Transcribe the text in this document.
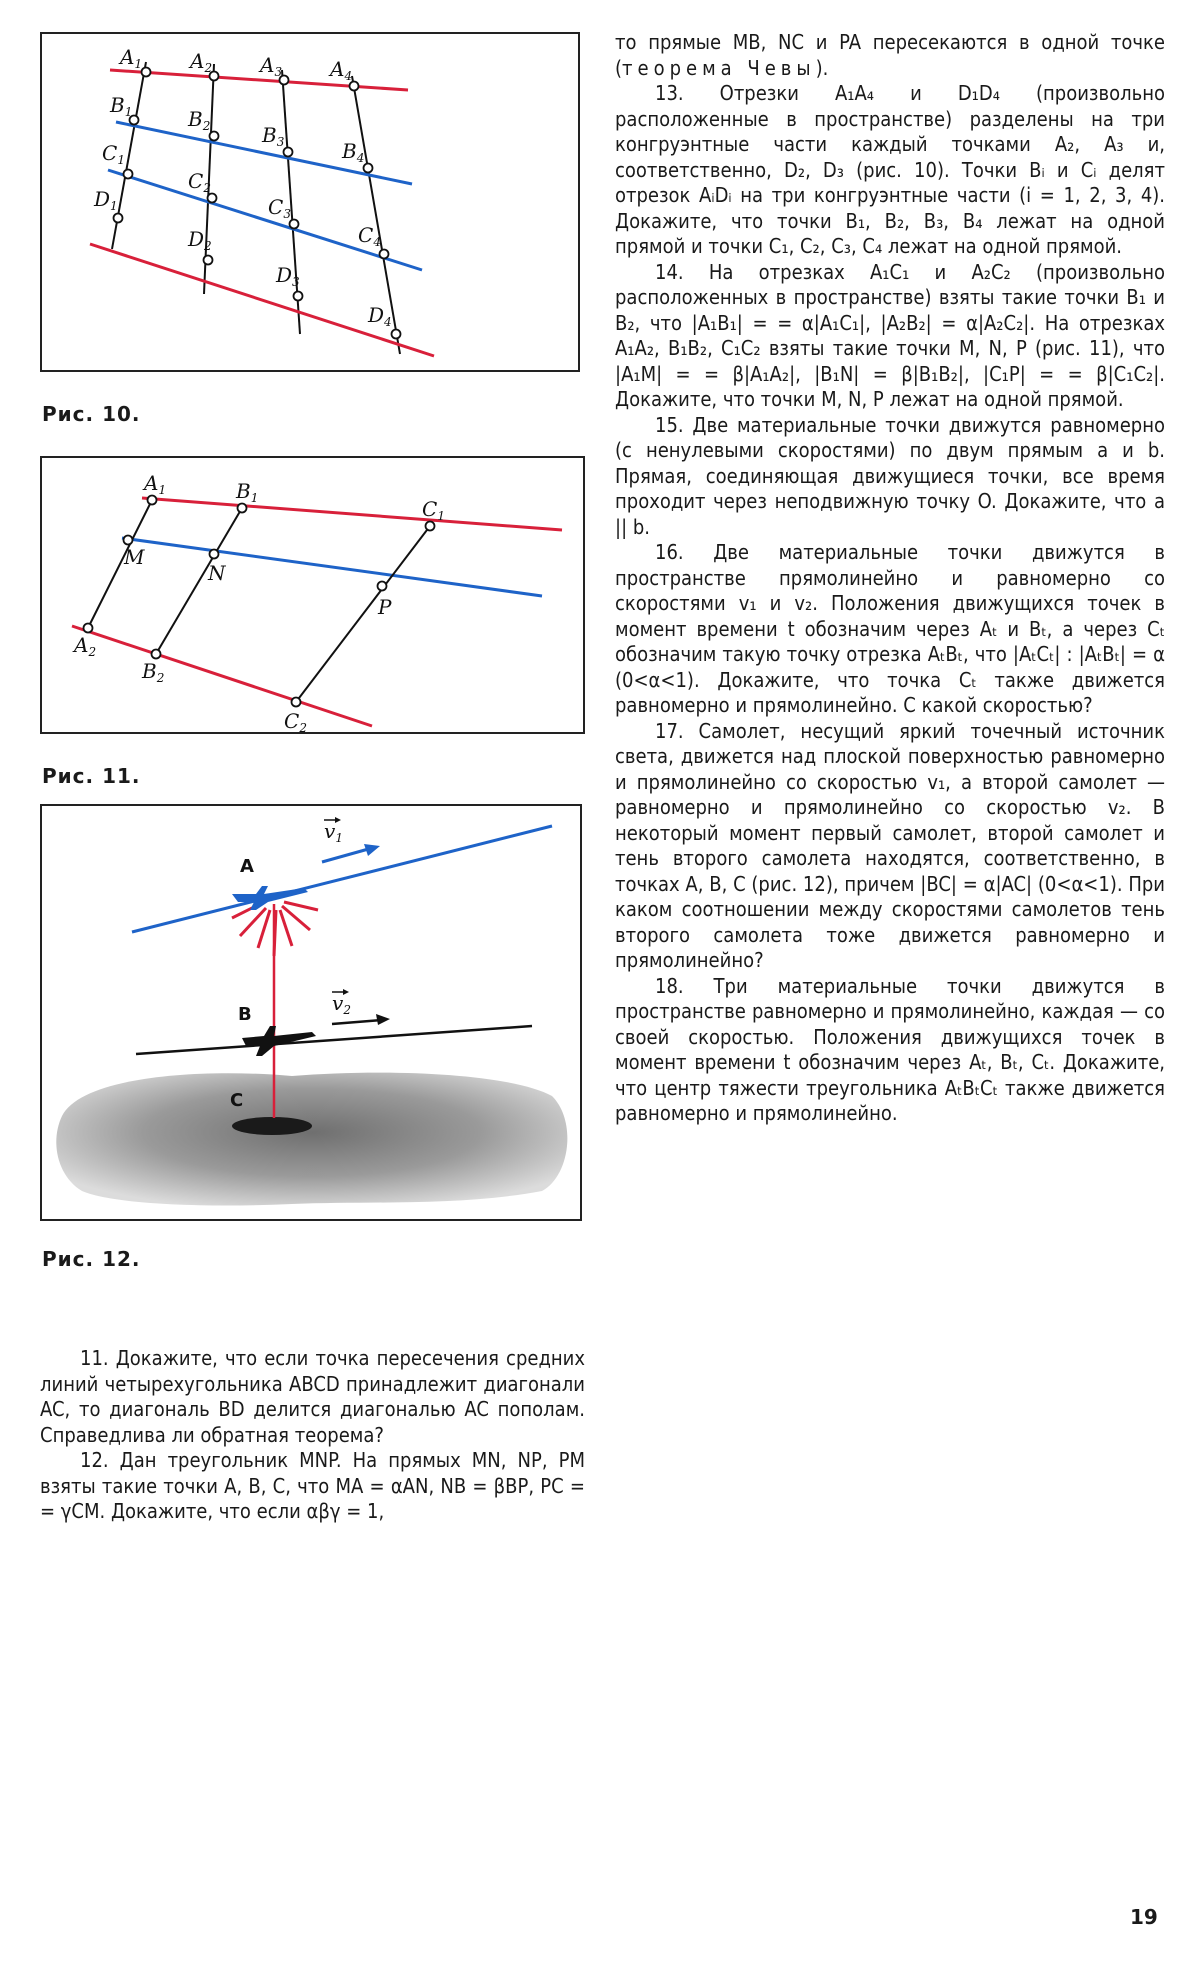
$A_1$ $A_2$ $A_3$ $A_4$
$B_1$	$B_2$	$B_3$	$B_4$
$C_1$
$C_2$
$C_3$
$C_4$
$D_1$
$D_2$
$D_3$
$D_4$
Рис. 10.
$A_1$	$B_1$	$C_1$
M
N
P
$A_2$
$B_2$
$C_2$
Рис. 11.
A
B
C
$v_1$
$v_2$
Рис. 12.

11. Докажите, что если точка пересечения средних линий четырехугольника ABCD принадлежит диагонали AC, то диагональ BD делится диагональю AC пополам. Справедлива ли обратная теорема?

12. Дан треугольник MNP. На прямых MN, NP, PM взяты такие точки A, B, C, что MA = αAN, NB = βBP, PC = = γCM. Докажите, что если αβγ = 1,

то прямые MB, NC и PA пересекаются в одной точке (теорема Чевы).

13. Отрезки A₁A₄ и D₁D₄ (произвольно расположенные в пространстве) разделены на три конгруэнтные части каждый точками A₂, A₃ и, соответственно, D₂, D₃ (рис. 10). Точки Bᵢ и Cᵢ делят отрезок AᵢDᵢ на три конгруэнтные части (i = 1, 2, 3, 4). Докажите, что точки B₁, B₂, B₃, B₄ лежат на одной прямой и точки C₁, C₂, C₃, C₄ лежат на одной прямой.

14. На отрезках A₁C₁ и A₂C₂ (произвольно расположенных в пространстве) взяты такие точки B₁ и B₂, что |A₁B₁| = = α|A₁C₁|, |A₂B₂| = α|A₂C₂|. На отрезках A₁A₂, B₁B₂, C₁C₂ взяты такие точки M, N, P (рис. 11), что |A₁M| = = β|A₁A₂|, |B₁N| = β|B₁B₂|, |C₁P| = = β|C₁C₂|. Докажите, что точки M, N, P лежат на одной прямой.

15. Две материальные точки движутся равномерно (с ненулевыми скоростями) по двум прямым a и b. Прямая, соединяющая движущиеся точки, все время проходит через неподвижную точку O. Докажите, что a || b.

16. Две материальные точки движутся в пространстве прямолинейно и равномерно со скоростями v₁ и v₂. Положения движущихся точек в момент времени t обозначим через Aₜ и Bₜ, а через Cₜ обозначим такую точку отрезка AₜBₜ, что |AₜCₜ| : |AₜBₜ| = α (0<α<1). Докажите, что точка Cₜ также движется равномерно и прямолинейно. С какой скоростью?

17. Самолет, несущий яркий точечный источник света, движется над плоской поверхностью равномерно и прямолинейно со скоростью v₁, а второй самолет — равномерно и прямолинейно со скоростью v₂. В некоторый момент первый самолет, второй самолет и тень второго самолета находятся, соответственно, в точках A, B, C (рис. 12), причем |BC| = α|AC| (0<α<1). При каком соотношении между скоростями самолетов тень второго самолета тоже движется равномерно и прямолинейно?

18. Три материальные точки движутся в пространстве равномерно и прямолинейно, каждая — со своей скоростью. Положения движущихся точек в момент времени t обозначим через Aₜ, Bₜ, Cₜ. Докажите, что центр тяжести треугольника AₜBₜCₜ также движется равномерно и прямолинейно.

19
